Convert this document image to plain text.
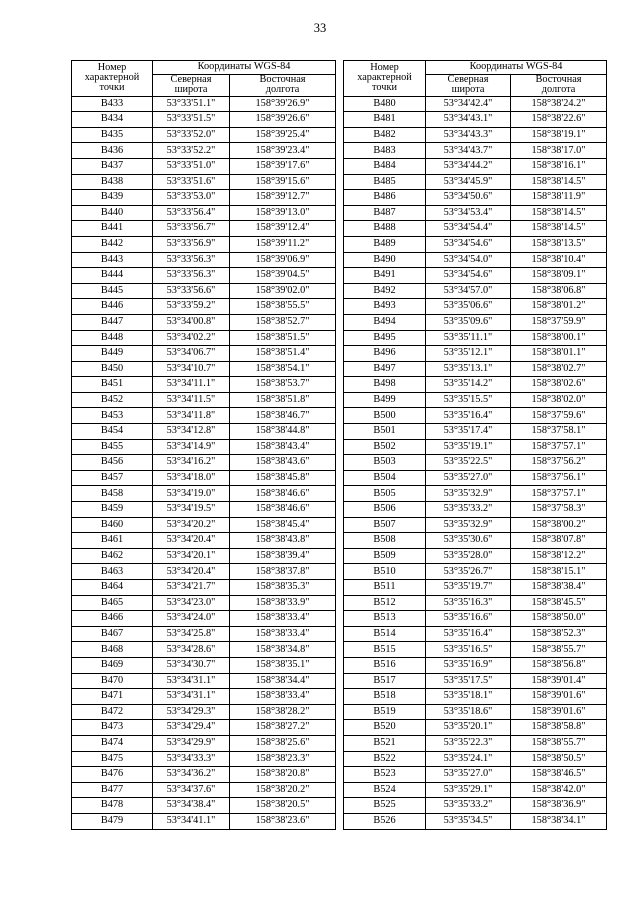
33
Номер
характерной
точки	Координаты WGS-84	
	Северная
широта	Восточная
долгота

B433	53°33'51.1"	158°39'26.9"
B434	53°33'51.5"	158°39'26.6"
B435	53°33'52.0"	158°39'25.4"
B436	53°33'52.2"	158°39'23.4"
B437	53°33'51.0"	158°39'17.6"
B438	53°33'51.6"	158°39'15.6"
B439	53°33'53.0"	158°39'12.7"
B440	53°33'56.4"	158°39'13.0"
B441	53°33'56.7"	158°39'12.4"
B442	53°33'56.9"	158°39'11.2"
B443	53°33'56.3"	158°39'06.9"
B444	53°33'56.3"	158°39'04.5"
B445	53°33'56.6"	158°39'02.0"
B446	53°33'59.2"	158°38'55.5"
B447	53°34'00.8"	158°38'52.7"
B448	53°34'02.2"	158°38'51.5"
B449	53°34'06.7"	158°38'51.4"
B450	53°34'10.7"	158°38'54.1"
B451	53°34'11.1"	158°38'53.7"
B452	53°34'11.5"	158°38'51.8"
B453	53°34'11.8"	158°38'46.7"
B454	53°34'12.8"	158°38'44.8"
B455	53°34'14.9"	158°38'43.4"
B456	53°34'16.2"	158°38'43.6"
B457	53°34'18.0"	158°38'45.8"
B458	53°34'19.0"	158°38'46.6"
B459	53°34'19.5"	158°38'46.6"
B460	53°34'20.2"	158°38'45.4"
B461	53°34'20.4"	158°38'43.8"
B462	53°34'20.1"	158°38'39.4"
B463	53°34'20.4"	158°38'37.8"
B464	53°34'21.7"	158°38'35.3"
B465	53°34'23.0"	158°38'33.9"
B466	53°34'24.0"	158°38'33.4"
B467	53°34'25.8"	158°38'33.4"
B468	53°34'28.6"	158°38'34.8"
B469	53°34'30.7"	158°38'35.1"
B470	53°34'31.1"	158°38'34.4"
B471	53°34'31.1"	158°38'33.4"
B472	53°34'29.3"	158°38'28.2"
B473	53°34'29.4"	158°38'27.2"
B474	53°34'29.9"	158°38'25.6"
B475	53°34'33.3"	158°38'23.3"
B476	53°34'36.2"	158°38'20.8"
B477	53°34'37.6"	158°38'20.2"
B478	53°34'38.4"	158°38'20.5"
B479	53°34'41.1"	158°38'23.6"
Номер
характерной
точки	Координаты WGS-84	
	Северная
широта	Восточная
долгота

B480	53°34'42.4"	158°38'24.2"
B481	53°34'43.1"	158°38'22.6"
B482	53°34'43.3"	158°38'19.1"
B483	53°34'43.7"	158°38'17.0"
B484	53°34'44.2"	158°38'16.1"
B485	53°34'45.9"	158°38'14.5"
B486	53°34'50.6"	158°38'11.9"
B487	53°34'53.4"	158°38'14.5"
B488	53°34'54.4"	158°38'14.5"
B489	53°34'54.6"	158°38'13.5"
B490	53°34'54.0"	158°38'10.4"
B491	53°34'54.6"	158°38'09.1"
B492	53°34'57.0"	158°38'06.8"
B493	53°35'06.6"	158°38'01.2"
B494	53°35'09.6"	158°37'59.9"
B495	53°35'11.1"	158°38'00.1"
B496	53°35'12.1"	158°38'01.1"
B497	53°35'13.1"	158°38'02.7"
B498	53°35'14.2"	158°38'02.6"
B499	53°35'15.5"	158°38'02.0"
B500	53°35'16.4"	158°37'59.6"
B501	53°35'17.4"	158°37'58.1"
B502	53°35'19.1"	158°37'57.1"
B503	53°35'22.5"	158°37'56.2"
B504	53°35'27.0"	158°37'56.1"
B505	53°35'32.9"	158°37'57.1"
B506	53°35'33.2"	158°37'58.3"
B507	53°35'32.9"	158°38'00.2"
B508	53°35'30.6"	158°38'07.8"
B509	53°35'28.0"	158°38'12.2"
B510	53°35'26.7"	158°38'15.1"
B511	53°35'19.7"	158°38'38.4"
B512	53°35'16.3"	158°38'45.5"
B513	53°35'16.6"	158°38'50.0"
B514	53°35'16.4"	158°38'52.3"
B515	53°35'16.5"	158°38'55.7"
B516	53°35'16.9"	158°38'56.8"
B517	53°35'17.5"	158°39'01.4"
B518	53°35'18.1"	158°39'01.6"
B519	53°35'18.6"	158°39'01.6"
B520	53°35'20.1"	158°38'58.8"
B521	53°35'22.3"	158°38'55.7"
B522	53°35'24.1"	158°38'50.5"
B523	53°35'27.0"	158°38'46.5"
B524	53°35'29.1"	158°38'42.0"
B525	53°35'33.2"	158°38'36.9"
B526	53°35'34.5"	158°38'34.1"
